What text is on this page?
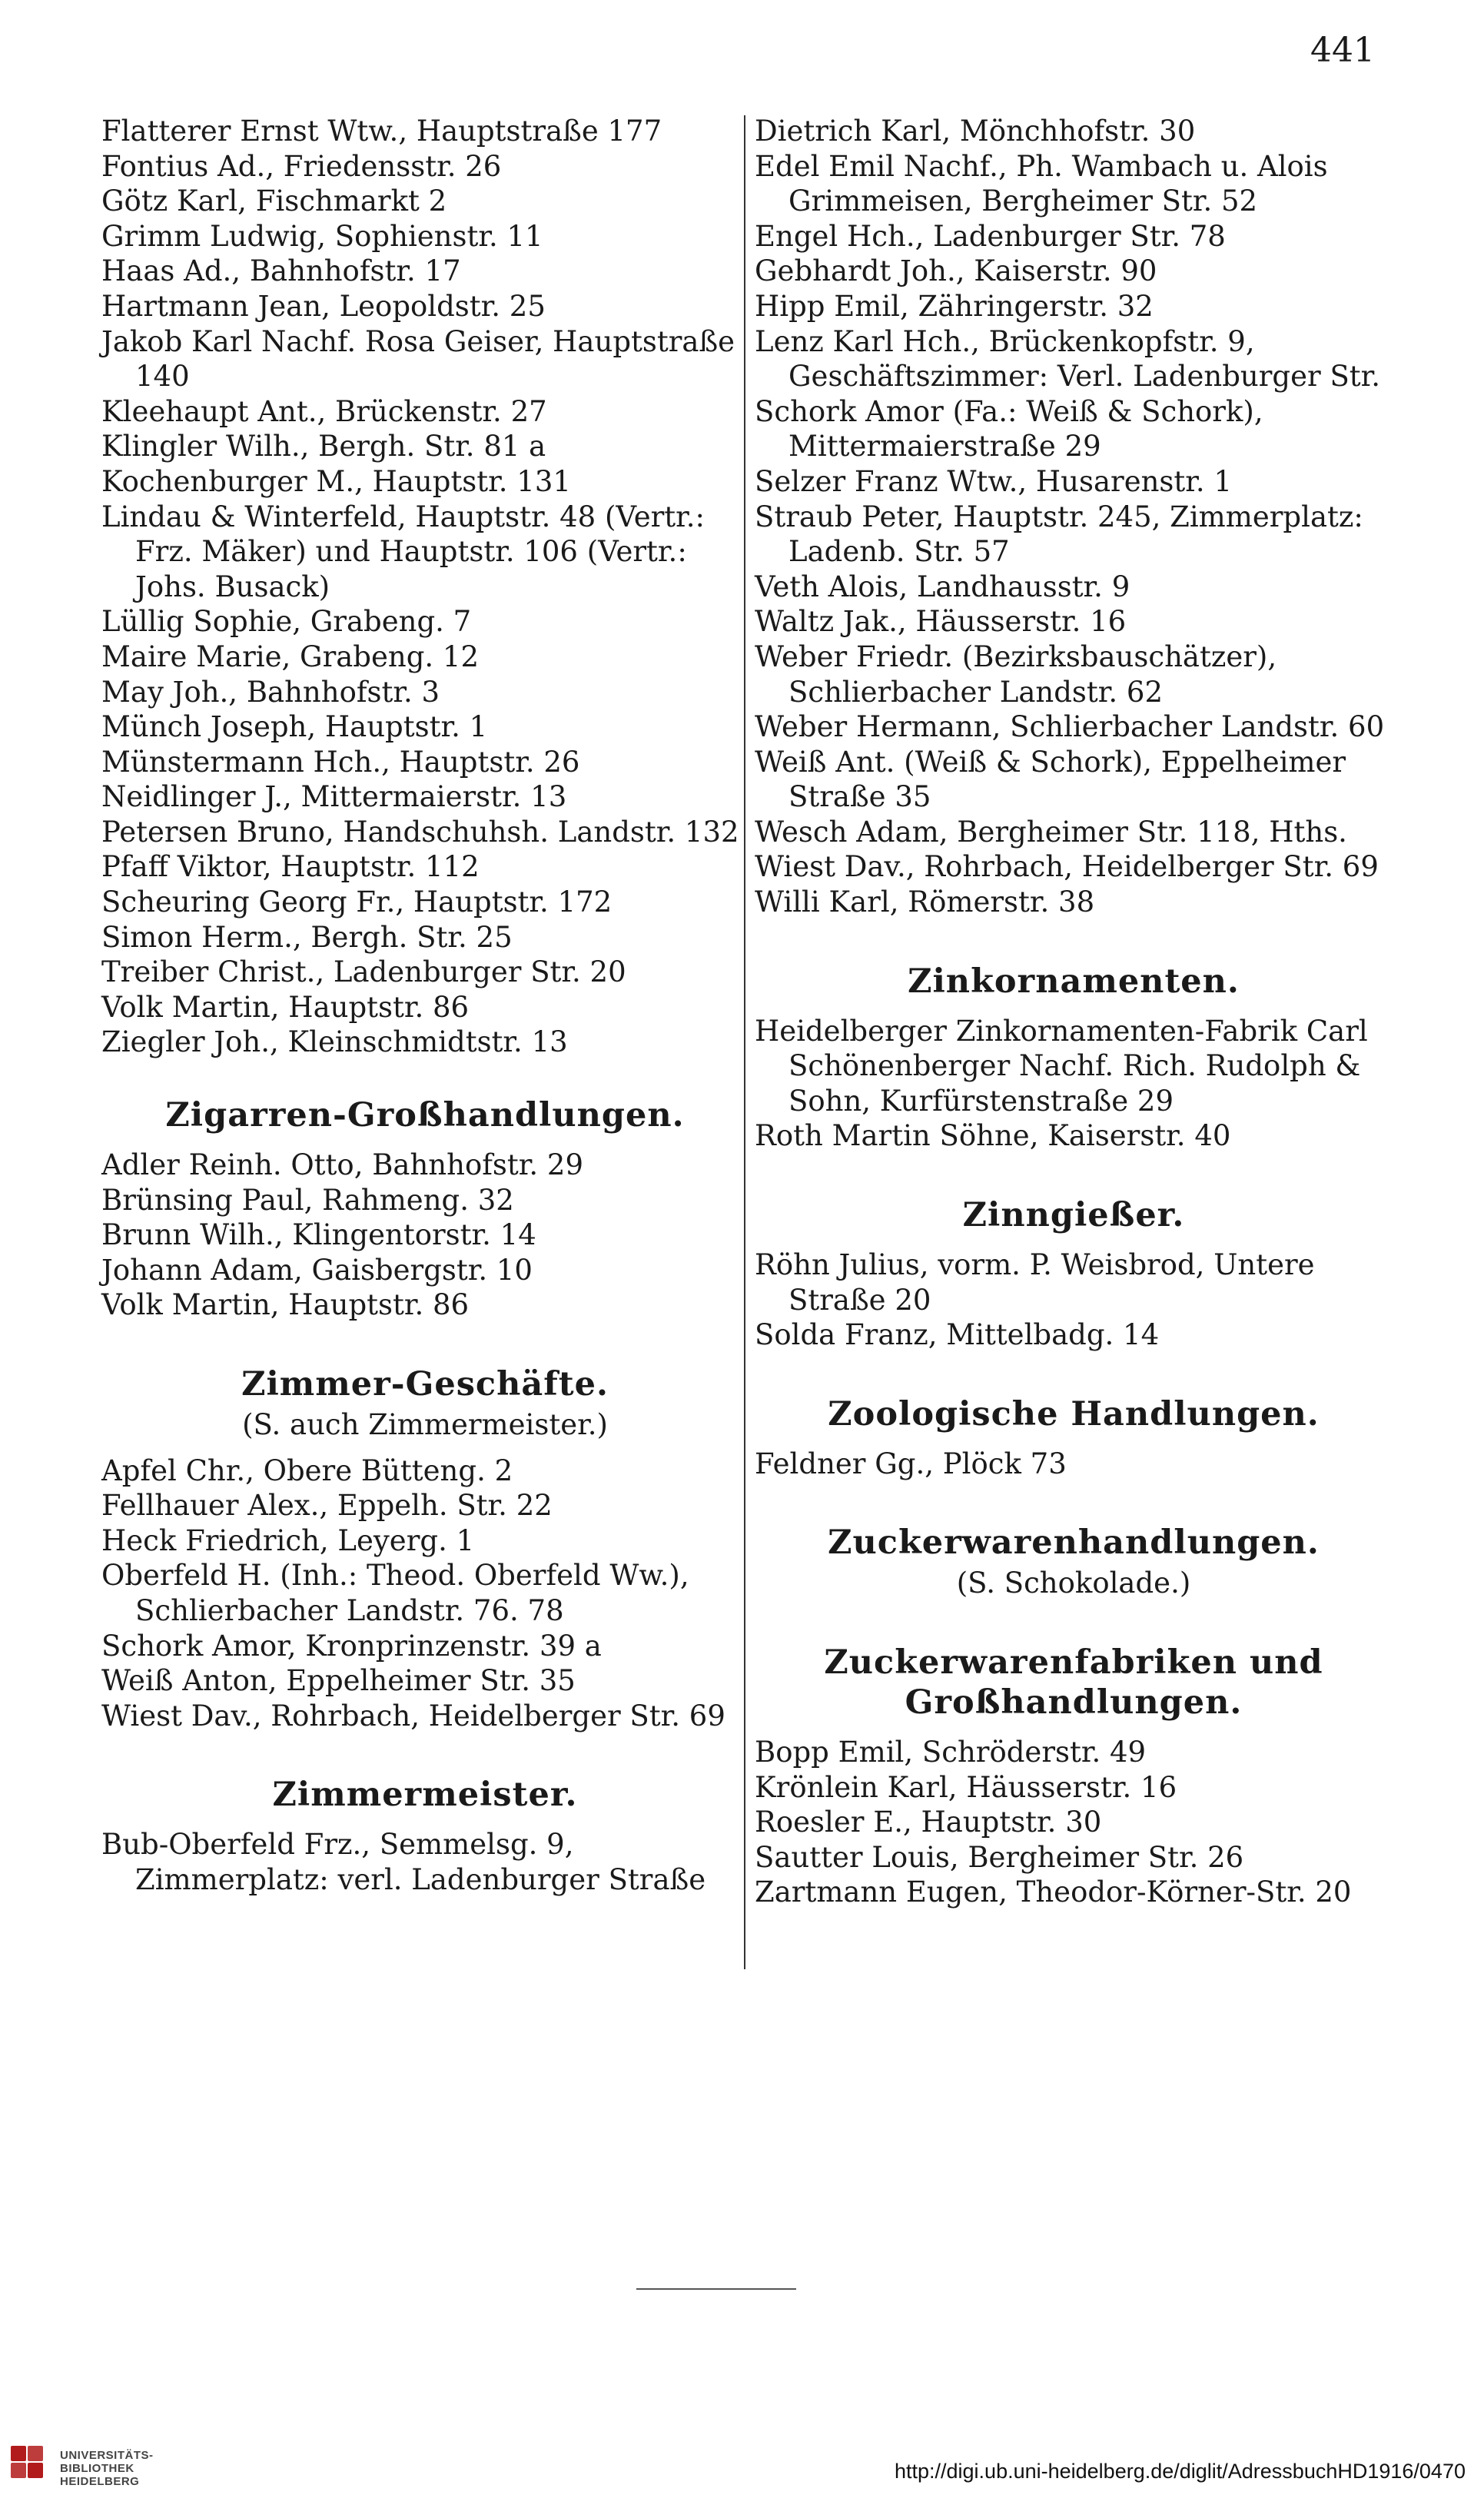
441
Flatterer Ernst Wtw., Hauptstraße 177
Fontius Ad., Friedensstr. 26
Götz Karl, Fischmarkt 2
Grimm Ludwig, Sophienstr. 11
Haas Ad., Bahnhofstr. 17
Hartmann Jean, Leopoldstr. 25
Jakob Karl Nachf. Rosa Geiser, Hauptstraße 140
Kleehaupt Ant., Brückenstr. 27
Klingler Wilh., Bergh. Str. 81 a
Kochenburger M., Hauptstr. 131
Lindau & Winterfeld, Hauptstr. 48 (Vertr.: Frz. Mäker) und Hauptstr. 106 (Vertr.: Johs. Busack)
Lüllig Sophie, Grabeng. 7
Maire Marie, Grabeng. 12
May Joh., Bahnhofstr. 3
Münch Joseph, Hauptstr. 1
Münstermann Hch., Hauptstr. 26
Neidlinger J., Mittermaierstr. 13
Petersen Bruno, Handschuhsh. Landstr. 132
Pfaff Viktor, Hauptstr. 112
Scheuring Georg Fr., Hauptstr. 172
Simon Herm., Bergh. Str. 25
Treiber Christ., Ladenburger Str. 20
Volk Martin, Hauptstr. 86
Ziegler Joh., Kleinschmidtstr. 13
Zigarren-Großhandlungen.
Adler Reinh. Otto, Bahnhofstr. 29
Brünsing Paul, Rahmeng. 32
Brunn Wilh., Klingentorstr. 14
Johann Adam, Gaisbergstr. 10
Volk Martin, Hauptstr. 86
Zimmer-Geschäfte.
(S. auch Zimmermeister.)
Apfel Chr., Obere Bütteng. 2
Fellhauer Alex., Eppelh. Str. 22
Heck Friedrich, Leyerg. 1
Oberfeld H. (Inh.: Theod. Oberfeld Ww.), Schlierbacher Landstr. 76. 78
Schork Amor, Kronprinzenstr. 39 a
Weiß Anton, Eppelheimer Str. 35
Wiest Dav., Rohrbach, Heidelberger Str. 69
Zimmermeister.
Bub-Oberfeld Frz., Semmelsg. 9, Zimmerplatz: verl. Ladenburger Straße
Dietrich Karl, Mönchhofstr. 30
Edel Emil Nachf., Ph. Wambach u. Alois Grimmeisen, Bergheimer Str. 52
Engel Hch., Ladenburger Str. 78
Gebhardt Joh., Kaiserstr. 90
Hipp Emil, Zähringerstr. 32
Lenz Karl Hch., Brückenkopfstr. 9, Geschäftszimmer: Verl. Ladenburger Str.
Schork Amor (Fa.: Weiß & Schork), Mittermaierstraße 29
Selzer Franz Wtw., Husarenstr. 1
Straub Peter, Hauptstr. 245, Zimmerplatz: Ladenb. Str. 57
Veth Alois, Landhausstr. 9
Waltz Jak., Häusserstr. 16
Weber Friedr. (Bezirksbauschätzer), Schlierbacher Landstr. 62
Weber Hermann, Schlierbacher Landstr. 60
Weiß Ant. (Weiß & Schork), Eppelheimer Straße 35
Wesch Adam, Bergheimer Str. 118, Hths.
Wiest Dav., Rohrbach, Heidelberger Str. 69
Willi Karl, Römerstr. 38
Zinkornamenten.
Heidelberger Zinkornamenten-Fabrik Carl Schönenberger Nachf. Rich. Rudolph & Sohn, Kurfürstenstraße 29
Roth Martin Söhne, Kaiserstr. 40
Zinngießer.
Röhn Julius, vorm. P. Weisbrod, Untere Straße 20
Solda Franz, Mittelbadg. 14
Zoologische Handlungen.
Feldner Gg., Plöck 73
Zuckerwarenhandlungen.
(S. Schokolade.)
Zuckerwarenfabriken und Großhandlungen.
Bopp Emil, Schröderstr. 49
Krönlein Karl, Häusserstr. 16
Roesler E., Hauptstr. 30
Sautter Louis, Bergheimer Str. 26
Zartmann Eugen, Theodor-Körner-Str. 20
UNIVERSITÄTS-
BIBLIOTHEK
HEIDELBERG	http://digi.ub.uni-heidelberg.de/diglit/AdressbuchHD1916/0470
